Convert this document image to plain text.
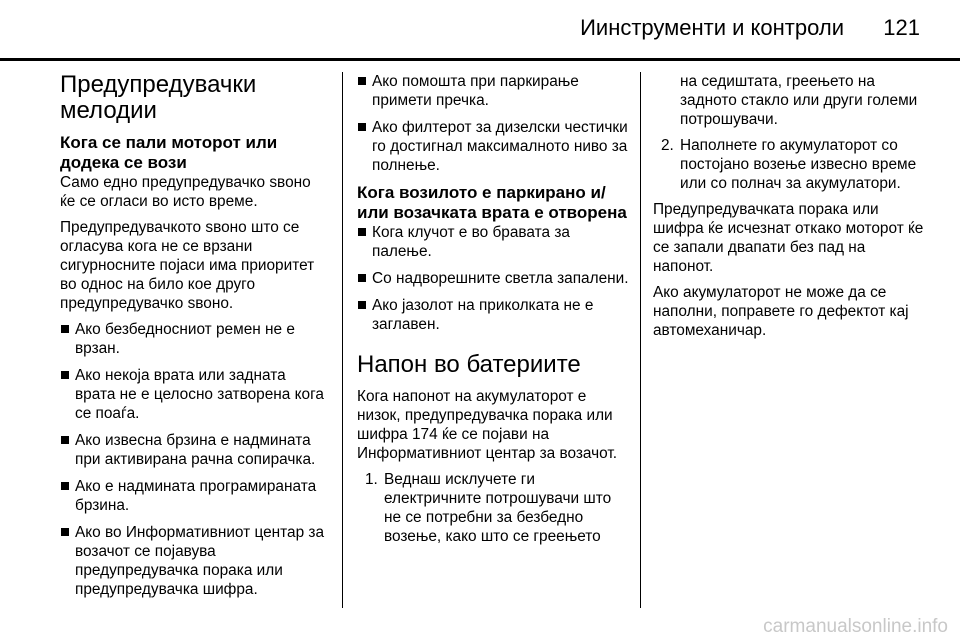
Иинструменти и контроли 121
Предупредувачки мелодии
Кога се пали моторот или додека се вози

Само едно предупредувачко ѕвоно ќе се огласи во исто време.

Предупредувачкото ѕвоно што се огласува кога не се врзани сигурносните појаси има приоритет во однос на било кое друго предупредувачко ѕвоно.

Ако безбедносниот ремен не е врзан.
Ако некоја врата или задната врата не е целосно затворена кога се поаѓа.
Ако извесна брзина е надмината при активирана рачна сопирачка.
Ако е надмината програмираната брзина.
Ако во Информативниот центар за возачот се појавува предупредувачка порака или предупредувачка шифра.
Ако помошта при паркирање примети пречка.
Ако филтерот за дизелски честички го достигнал максималното ниво за полнење.
Кога возилото е паркирано и/ или возачката врата е отворена
Кога клучот е во бравата за палење.
Со надворешните светла запалени.
Ако јазолот на приколката не е заглавен.
Напон во батериите

Кога напонот на акумулаторот е низок, предупредувачка порака или шифра 174 ќе се појави на Информативниот центар за возачот.

1. Веднаш исклучете ги електричните потрошувачи што не се потребни за безбедно возење, како што се греењето
на седиштата, греењето на задното стакло или други големи потрошувачи.
2. Наполнете го акумулаторот со постојано возење извесно време или со полнач за акумулатори.

Предупредувачката порака или шифра ќе исчезнат откако моторот ќе се запали двапати без пад на напонот.

Ако акумулаторот не може да се наполни, поправете го дефектот кај автомеханичар.

carmanualsonline.info
